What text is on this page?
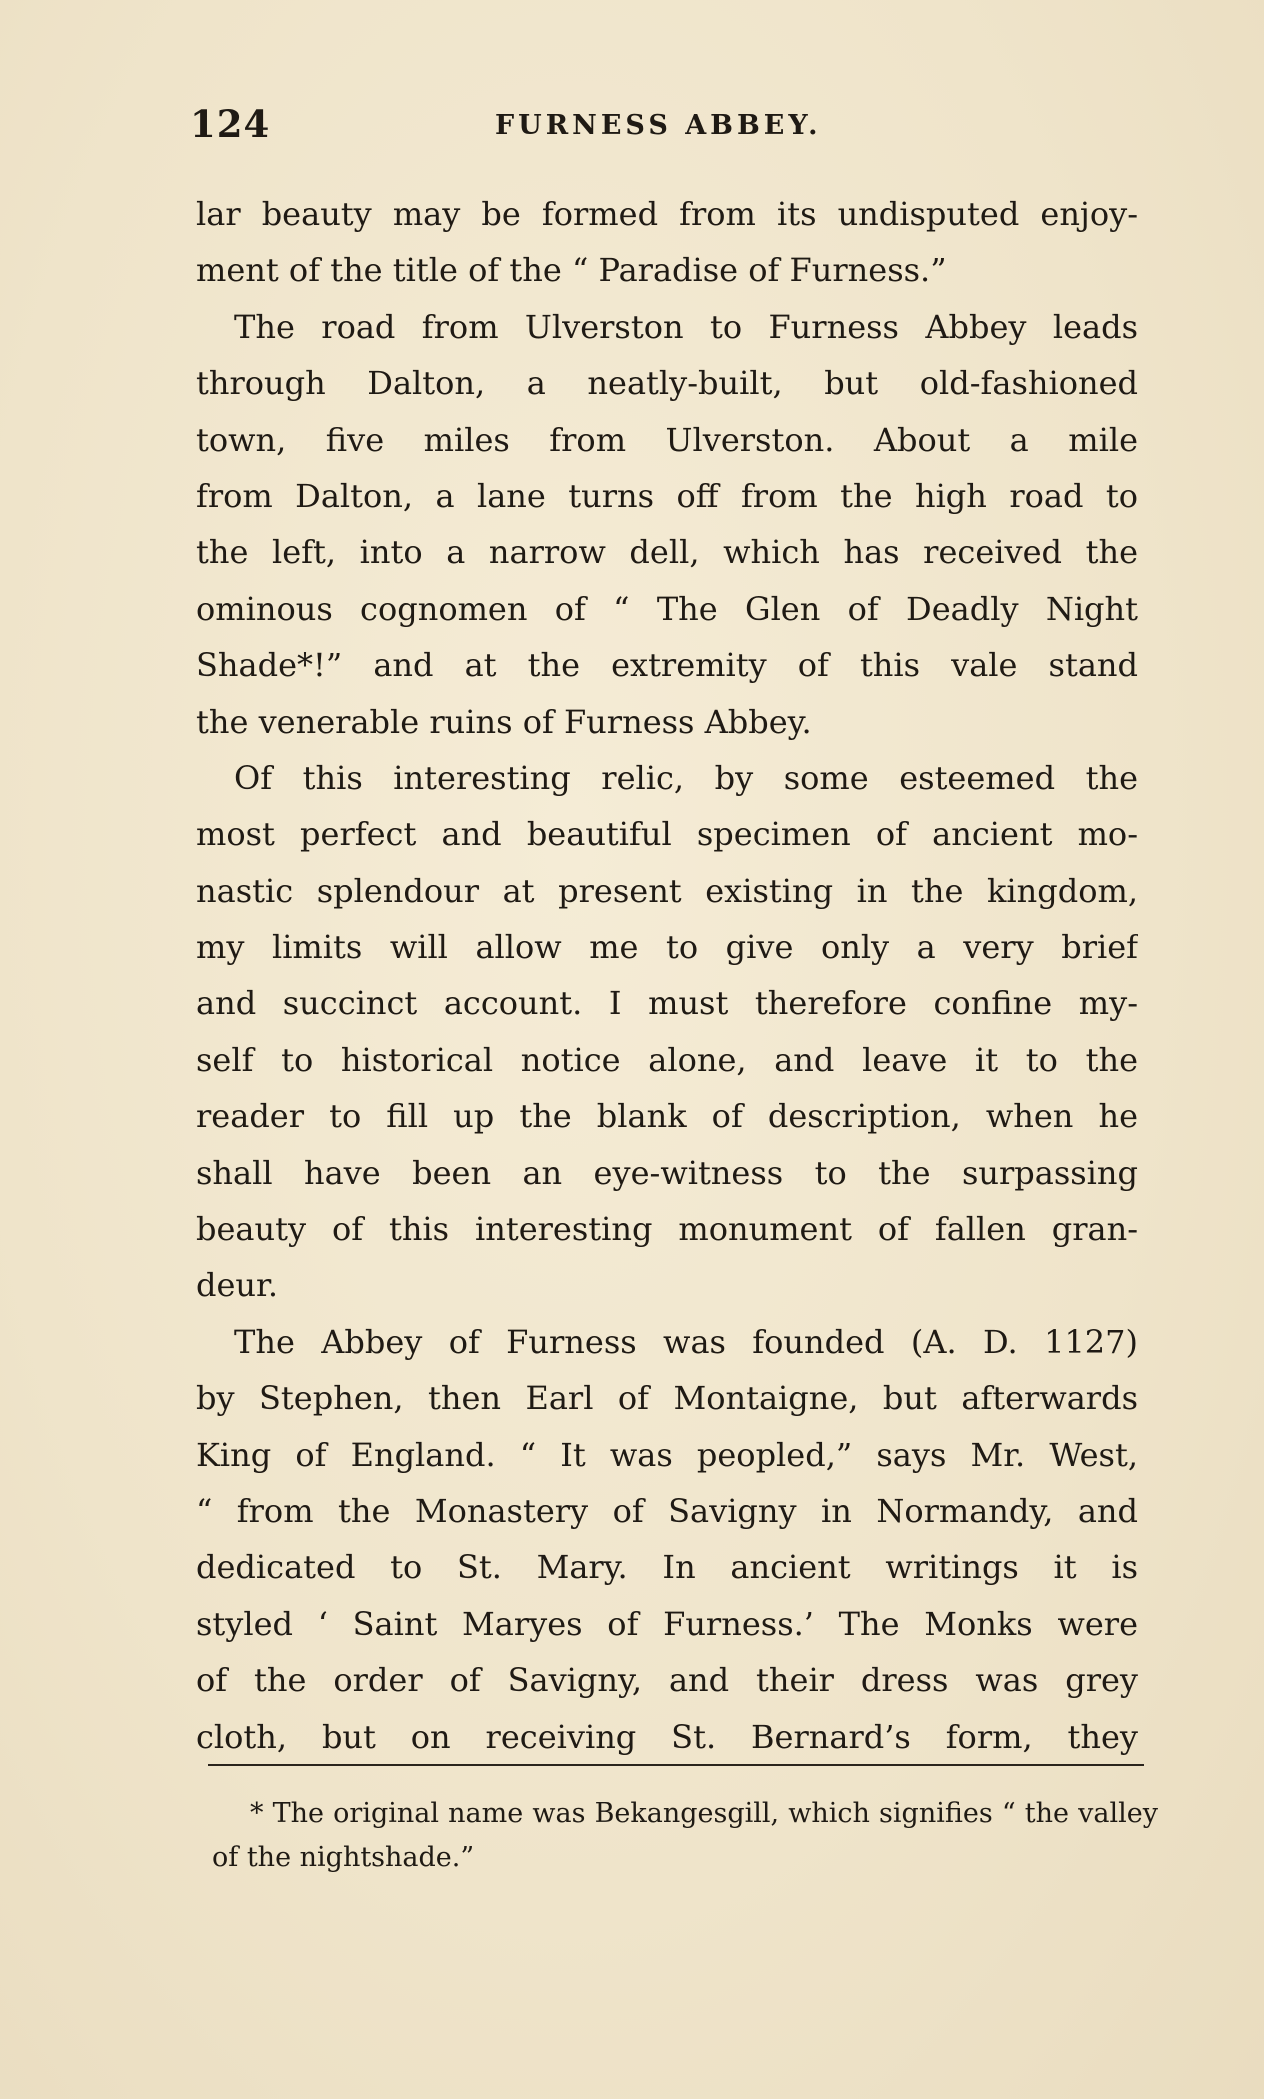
124	FURNESS ABBEY.
lar beauty may be formed from its undisputed enjoy-
ment of the title of the “ Paradise of Furness.”
The road from Ulverston to Furness Abbey leads
through Dalton, a neatly-built, but old-fashioned
town, five miles from Ulverston. About a mile
from Dalton, a lane turns off from the high road to
the left, into a narrow dell, which has received the
ominous cognomen of “ The Glen of Deadly Night
Shade*!” and at the extremity of this vale stand
the venerable ruins of Furness Abbey.
Of this interesting relic, by some esteemed the
most perfect and beautiful specimen of ancient mo-
nastic splendour at present existing in the kingdom,
my limits will allow me to give only a very brief
and succinct account. I must therefore confine my-
self to historical notice alone, and leave it to the
reader to fill up the blank of description, when he
shall have been an eye-witness to the surpassing
beauty of this interesting monument of fallen gran-
deur.
The Abbey of Furness was founded (A. D. 1127)
by Stephen, then Earl of Montaigne, but afterwards
King of England. “ It was peopled,” says Mr. West,
“ from the Monastery of Savigny in Normandy, and
dedicated to St. Mary. In ancient writings it is
styled ‘ Saint Maryes of Furness.’ The Monks were
of the order of Savigny, and their dress was grey
cloth, but on receiving St. Bernard’s form, they
* The original name was Bekangesgill, which signifies “ the valley
of the nightshade.”
